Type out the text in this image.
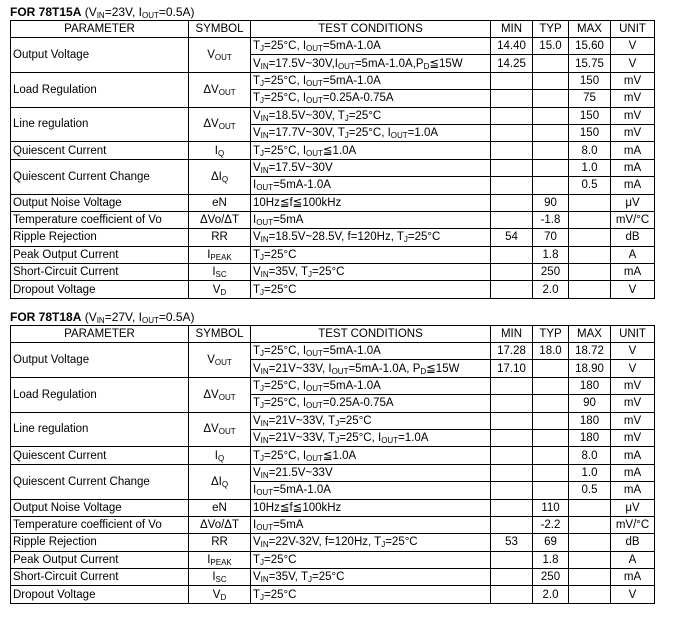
FOR 78T15A ($V_{IN}=23V$, $I_{OUT}=0.5A$)
PARAMETER	SYMBOL	TEST CONDITIONS	MIN	TYP	MAX	UNIT
Output Voltage	$V_{OUT}$	$T_J=25^\circ C$, $I_{OUT}=5mA-1.0A$	14.40	15.0	15.60	V
		$V_{IN}=17.5V\sim 30V,I_{OUT}=5mA-1.0A,P_D≦15W$	14.25		15.75	V
Load Regulation	$\Delta V_{OUT}$	$T_J=25^\circ C$, $I_{OUT}=5mA-1.0A$			150	mV
		$T_J=25^\circ C$, $I_{OUT}=0.25A-0.75A$			75	mV
Line regulation	$\Delta V_{OUT}$	$V_{IN}=18.5V\sim 30V$, $T_J=25^\circ C$			150	mV
		$V_{IN}=17.7V\sim 30V$, $T_J=25^\circ C$, $I_{OUT}=1.0A$			150	mV
Quiescent Current	$I_Q$	$T_J=25^\circ C$, $I_{OUT}≦1.0A$			8.0	mA
Quiescent Current Change	$\Delta I_Q$	$V_{IN}=17.5V\sim 30V$			1.0	mA
		$I_{OUT}=5mA-1.0A$			0.5	mA
Output Noise Voltage	eN	10Hz≦f≦100kHz		90		μV
Temperature coefficient of Vo	ΔVo/ΔT	$I_{OUT}=5mA$		-1.8		mV/°C
Ripple Rejection	RR	$V_{IN}=18.5V\sim 28.5V$, f=120Hz, $T_J=25^\circ C$	54	70		dB
Peak Output Current	$I_{PEAK}$	$T_J=25^\circ C$		1.8		A
Short-Circuit Current	$I_{SC}$	$V_{IN}=35V$, $T_J=25^\circ C$		250		mA
Dropout Voltage	$V_D$	$T_J=25^\circ C$		2.0		V
FOR 78T18A ($V_{IN}=27V$, $I_{OUT}=0.5A$)
PARAMETER	SYMBOL	TEST CONDITIONS	MIN	TYP	MAX	UNIT
Output Voltage	$V_{OUT}$	$T_J=25^\circ C$, $I_{OUT}=5mA-1.0A$	17.28	18.0	18.72	V
		$V_{IN}=21V\sim 33V$, $I_{OUT}=5mA-1.0A$, $P_D≦15W$	17.10		18.90	V
Load Regulation	$\Delta V_{OUT}$	$T_J=25^\circ C$, $I_{OUT}=5mA-1.0A$			180	mV
		$T_J=25^\circ C$, $I_{OUT}=0.25A-0.75A$			90	mV
Line regulation	$\Delta V_{OUT}$	$V_{IN}=21V\sim 33V$, $T_J=25^\circ C$			180	mV
		$V_{IN}=21V\sim 33V$, $T_J=25^\circ C$, $I_{OUT}=1.0A$			180	mV
Quiescent Current	$I_Q$	$T_J=25^\circ C$, $I_{OUT}≦1.0A$			8.0	mA
Quiescent Current Change	$\Delta I_Q$	$V_{IN}=21.5V\sim 33V$			1.0	mA
		$I_{OUT}=5mA-1.0A$			0.5	mA
Output Noise Voltage	eN	10Hz≦f≦100kHz		110		μV
Temperature coefficient of Vo	ΔVo/ΔT	$I_{OUT}=5mA$		-2.2		mV/°C
Ripple Rejection	RR	$V_{IN}=22V-32V$, f=120Hz, $T_J=25^\circ C$	53	69		dB
Peak Output Current	$I_{PEAK}$	$T_J=25^\circ C$		1.8		A
Short-Circuit Current	$I_{SC}$	$V_{IN}=35V$, $T_J=25^\circ C$		250		mA
Dropout Voltage	$V_D$	$T_J=25^\circ C$		2.0		V
